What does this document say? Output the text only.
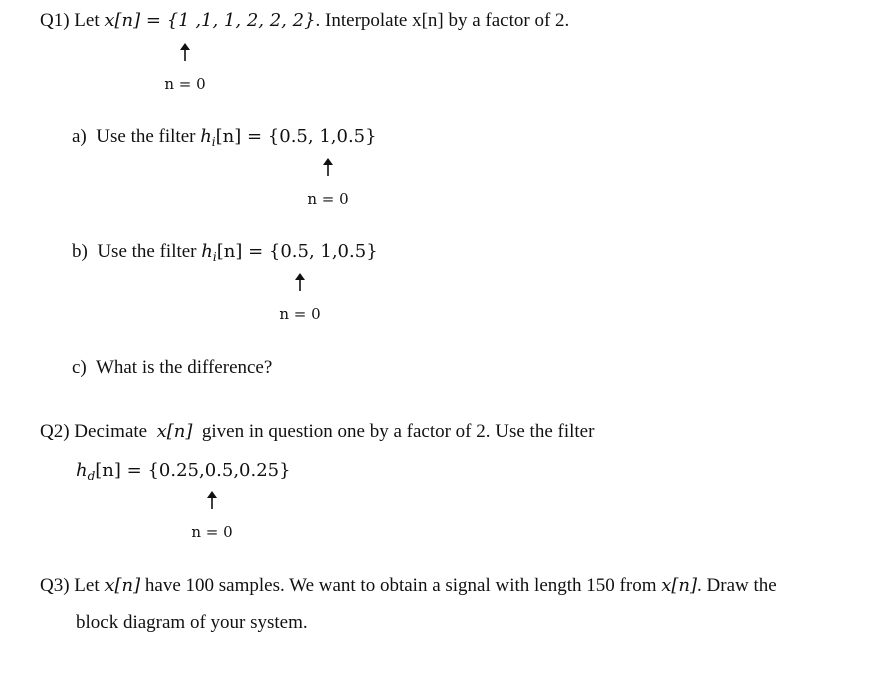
Q1) Let x[n] = {1 ,1, 1, 2, 2, 2}. Interpolate x[n] by a factor of 2.
n = 0
a) Use the filter $h_i[n] = \{0.5$, 1,0.5}
n = 0
b) Use the filter $h_i[n] = \{0.5$, 1,0.5}
n = 0
c) What is the difference?
Q2) Decimate x[n] given in question one by a factor of 2. Use the filter
$h_d[n] = \{0.25,0.5,0.25\}$
n = 0
Q3) Let x[n] have 100 samples. We want to obtain a signal with length 150 from x[n]. Draw the
block diagram of your system.
